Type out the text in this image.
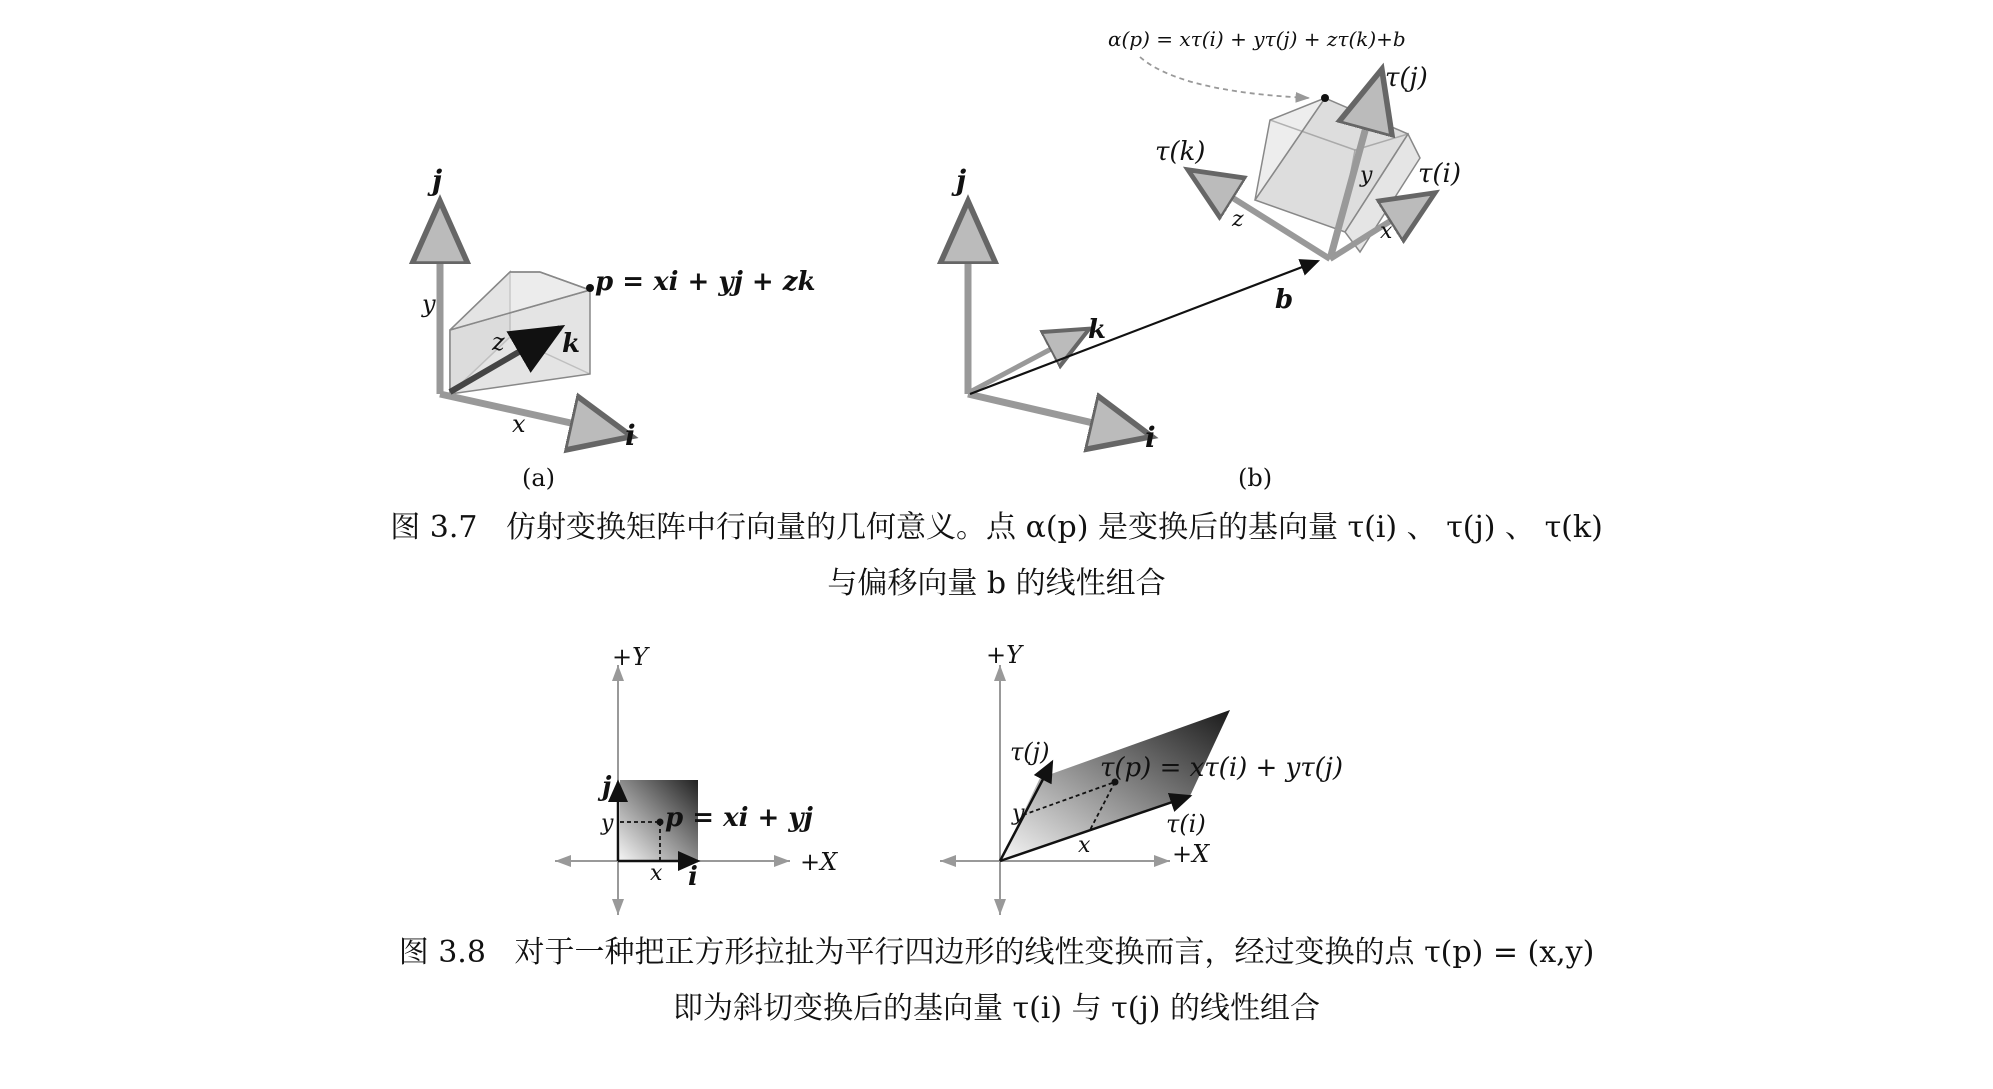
j
i
k
x
y
z
p = xi + yj + zk
(a)
α(p) = xτ(i) + yτ(j) + zτ(k)+b
j
i
k
b
τ(j)
τ(k)
τ(i)
x
y
z
(b)
+Y
+X
j
i
x
y p = xi + yj
+Y
+X
τ(j)
τ(i)
x
y
τ(p) = xτ(i) + yτ(j)
图 3.7   仿射变换矩阵中行向量的几何意义。点 α(p) 是变换后的基向量 τ(i) 、 τ(j) 、 τ(k)
与偏移向量 b 的线性组合
图 3.8   对于一种把正方形拉扯为平行四边形的线性变换而言，经过变换的点 τ(p) = (x,y)
即为斜切变换后的基向量 τ(i) 与 τ(j) 的线性组合
